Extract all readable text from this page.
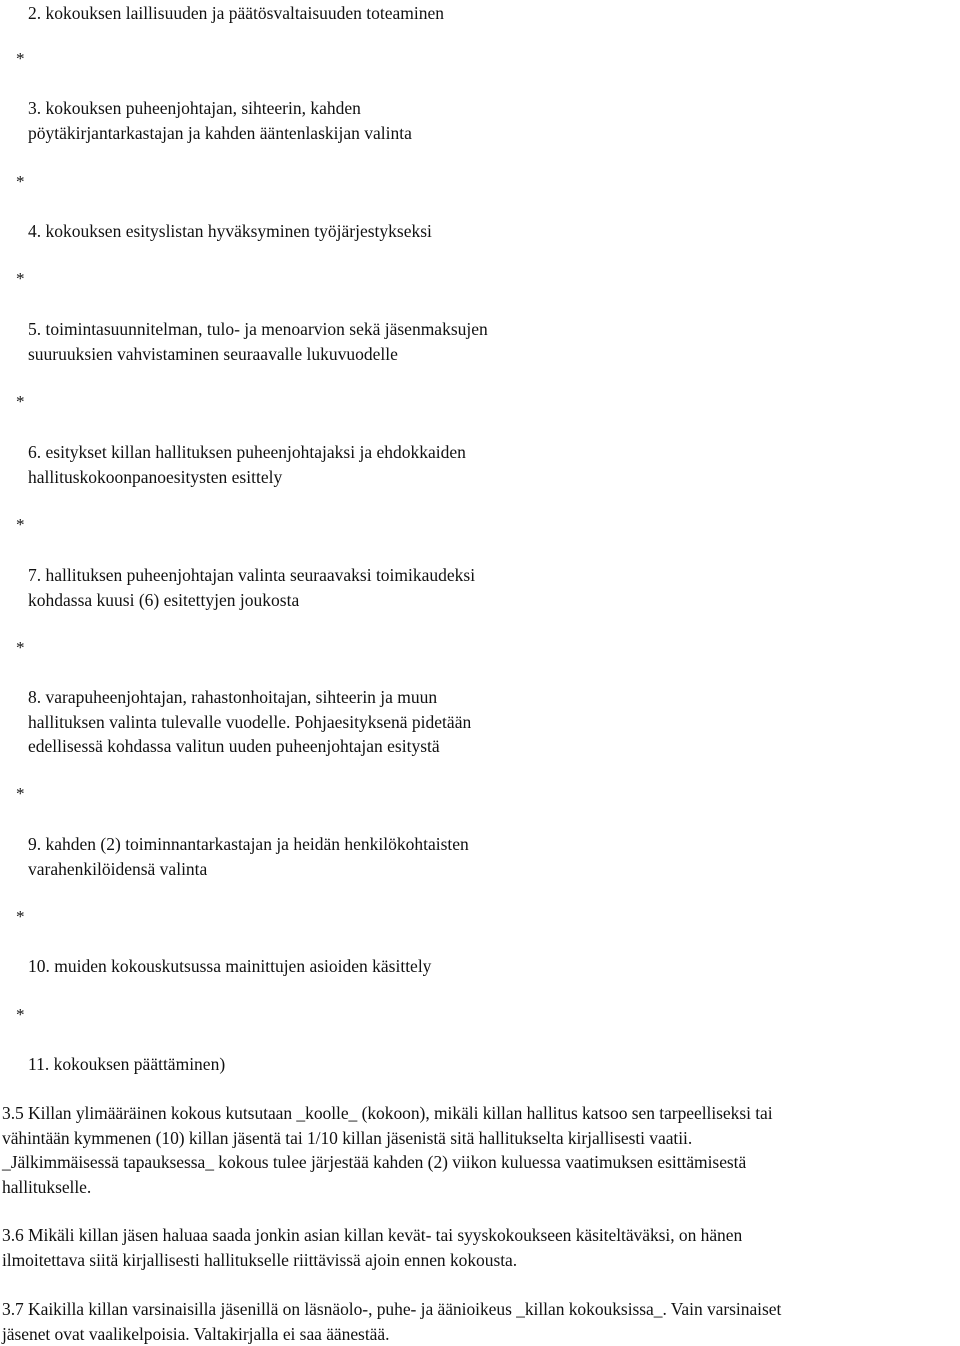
2. kokouksen laillisuuden ja päätösvaltaisuuden toteaminen

*

3. kokouksen puheenjohtajan, sihteerin, kahden
pöytäkirjantarkastajan ja kahden ääntenlaskijan valinta

*

4. kokouksen esityslistan hyväksyminen työjärjestykseksi

*

5. toimintasuunnitelman, tulo- ja menoarvion sekä jäsenmaksujen
suuruuksien vahvistaminen seuraavalle lukuvuodelle

*

6. esitykset killan hallituksen puheenjohtajaksi ja ehdokkaiden
hallituskokoonpanoesitysten esittely

*

7. hallituksen puheenjohtajan valinta seuraavaksi toimikaudeksi
kohdassa kuusi (6) esitettyjen joukosta

*

8. varapuheenjohtajan, rahastonhoitajan, sihteerin ja muun
hallituksen valinta tulevalle vuodelle. Pohjaesityksenä pidetään
edellisessä kohdassa valitun uuden puheenjohtajan esitystä

*

9. kahden (2) toiminnantarkastajan ja heidän henkilökohtaisten
varahenkilöidensä valinta

*

10. muiden kokouskutsussa mainittujen asioiden käsittely

*

11. kokouksen päättäminen)

3.5 Killan ylimääräinen kokous kutsutaan _koolle_ (kokoon), mikäli killan hallitus katsoo sen tarpeelliseksi tai
vähintään kymmenen (10) killan jäsentä tai 1/10 killan jäsenistä sitä hallitukselta kirjallisesti vaatii.
_Jälkimmäisessä tapauksessa_ kokous tulee järjestää kahden (2) viikon kuluessa vaatimuksen esittämisestä
hallitukselle.

3.6 Mikäli killan jäsen haluaa saada jonkin asian killan kevät- tai syyskokoukseen käsiteltäväksi, on hänen
ilmoitettava siitä kirjallisesti hallitukselle riittävissä ajoin ennen kokousta.

3.7 Kaikilla killan varsinaisilla jäsenillä on läsnäolo-, puhe- ja äänioikeus _killan kokouksissa_. Vain varsinaiset
jäsenet ovat vaalikelpoisia. Valtakirjalla ei saa äänestää.
